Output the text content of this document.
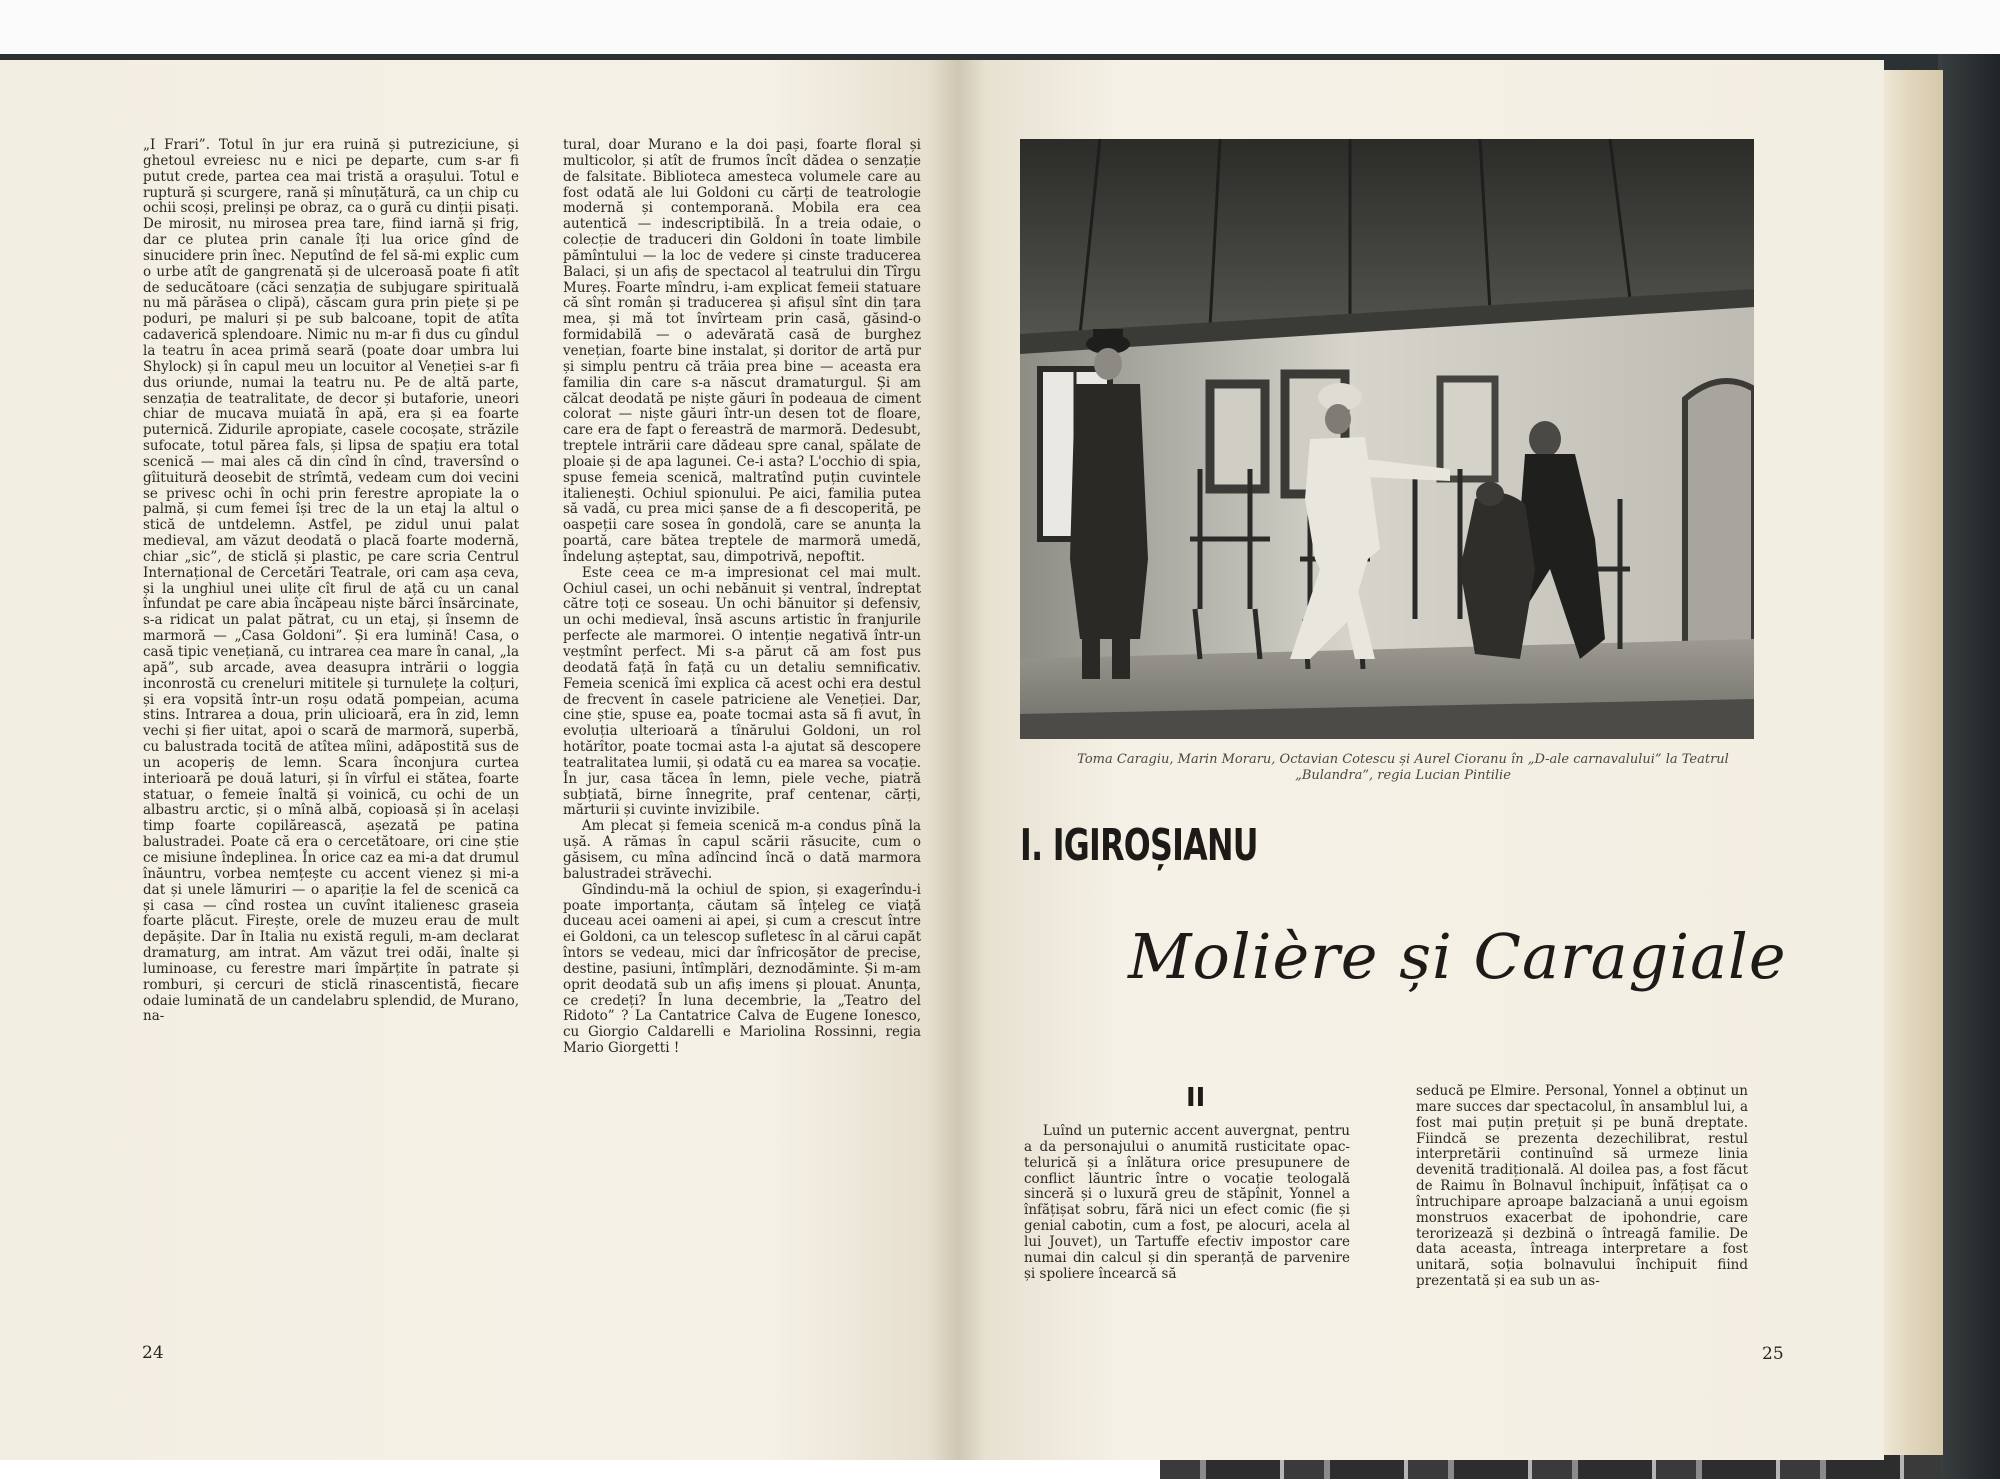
„I Frari”. Totul în jur era ruină și putreziciune, și ghetoul evreiesc nu e nici pe departe, cum s-ar fi putut crede, partea cea mai tristă a orașului. Totul e ruptură și scurgere, rană și mînuțătură, ca un chip cu ochii scoși, prelinși pe obraz, ca o gură cu dinții pisați. De mirosit, nu mirosea prea tare, fiind iarnă și frig, dar ce plutea prin canale îți lua orice gînd de sinucidere prin înec. Neputînd de fel să-mi explic cum o urbe atît de gangrenată și de ulceroasă poate fi atît de seducătoare (căci senzația de subjugare spirituală nu mă părăsea o clipă), căscam gura prin piețe și pe poduri, pe maluri și pe sub balcoane, topit de atîta cadaverică splendoare. Nimic nu m-ar fi dus cu gîndul la teatru în acea primă seară (poate doar umbra lui Shylock) și în capul meu un locuitor al Veneției s-ar fi dus oriunde, numai la teatru nu. Pe de altă parte, senzația de teatralitate, de decor și butaforie, uneori chiar de mucava muiată în apă, era și ea foarte puternică. Zidurile apropiate, casele cocoșate, străzile sufocate, totul părea fals, și lipsa de spațiu era total scenică — mai ales că din cînd în cînd, traversînd o gîituitură deosebit de strîmtă, vedeam cum doi vecini se privesc ochi în ochi prin ferestre apropiate la o palmă, și cum femei își trec de la un etaj la altul o stică de untdelemn. Astfel, pe zidul unui palat medieval, am văzut deodată o placă foarte modernă, chiar „sic”, de sticlă și plastic, pe care scria Centrul Internațional de Cercetări Teatrale, ori cam așa ceva, și la unghiul unei ulițe cît firul de ață cu un canal înfundat pe care abia încăpeau niște bărci însărcinate, s-a ridicat un palat pătrat, cu un etaj, și însemn de marmoră — „Casa Goldoni”. Și era lumină! Casa, o casă tipic venețiană, cu intrarea cea mare în canal, „la apă”, sub arcade, avea deasupra intrării o loggia inconrostă cu creneluri mititele și turnulețe la colțuri, și era vopsită într-un roșu odată pompeian, acuma stins. Intrarea a doua, prin ulicioară, era în zid, lemn vechi și fier uitat, apoi o scară de marmoră, superbă, cu balustrada tocită de atîtea mîini, adăpostită sus de un acoperiș de lemn. Scara înconjura curtea interioară pe două laturi, și în vîrful ei stătea, foarte statuar, o femeie înaltă și voinică, cu ochi de un albastru arctic, și o mînă albă, copioasă și în același timp foarte copilărească, așezată pe patina balustradei. Poate că era o cercetătoare, ori cine știe ce misiune îndeplinea. În orice caz ea mi-a dat drumul înăuntru, vorbea nemțește cu accent vienez și mi-a dat și unele lămuriri — o apariție la fel de scenică ca și casa — cînd rostea un cuvînt italienesc graseia foarte plăcut. Firește, orele de muzeu erau de mult depășite. Dar în Italia nu există reguli, m-am declarat dramaturg, am intrat. Am văzut trei odăi, înalte și luminoase, cu ferestre mari împărțite în patrate și romburi, și cercuri de sticlă rinascentistă, fiecare odaie luminată de un candelabru splendid, de Murano, na-

tural, doar Murano e la doi pași, foarte floral și multicolor, și atît de frumos încît dădea o senzație de falsitate. Biblioteca amesteca volumele care au fost odată ale lui Goldoni cu cărți de teatrologie modernă și contemporană. Mobila era cea autentică — indescriptibilă. În a treia odaie, o colecție de traduceri din Goldoni în toate limbile pămîntului — la loc de vedere și cinste traducerea Balaci, și un afiș de spectacol al teatrului din Tîrgu Mureș. Foarte mîndru, i-am explicat femeii statuare că sînt român și traducerea și afișul sînt din țara mea, și mă tot învîrteam prin casă, găsind-o formidabilă — o adevărată casă de burghez venețian, foarte bine instalat, și doritor de artă pur și simplu pentru că trăia prea bine — aceasta era familia din care s-a născut dramaturgul. Și am călcat deodată pe niște găuri în podeaua de ciment colorat — niște găuri într-un desen tot de floare, care era de fapt o fereastră de marmoră. Dedesubt, treptele intrării care dădeau spre canal, spălate de ploaie și de apa lagunei. Ce-i asta? L'occhio di spia, spuse femeia scenică, maltratînd puțin cuvintele italienești. Ochiul spionului. Pe aici, familia putea să vadă, cu prea mici șanse de a fi descoperită, pe oaspeții care sosea în gondolă, care se anunța la poartă, care bătea treptele de marmoră umedă, îndelung așteptat, sau, dimpotrivă, nepoftit.

Este ceea ce m-a impresionat cel mai mult. Ochiul casei, un ochi nebănuit și ventral, îndreptat către toți ce soseau. Un ochi bănuitor și defensiv, un ochi medieval, însă ascuns artistic în franjurile perfecte ale marmorei. O intenție negativă într-un veștmînt perfect. Mi s-a părut că am fost pus deodată față în față cu un detaliu semnificativ. Femeia scenică îmi explica că acest ochi era destul de frecvent în casele patriciene ale Veneției. Dar, cine știe, spuse ea, poate tocmai asta să fi avut, în evoluția ulterioară a tînărului Goldoni, un rol hotărîtor, poate tocmai asta l-a ajutat să descopere teatralitatea lumii, și odată cu ea marea sa vocație. În jur, casa tăcea în lemn, piele veche, piatră subțiată, birne înnegrite, praf centenar, cărți, mărturii și cuvinte invizibile.

Am plecat și femeia scenică m-a condus pînă la ușă. A rămas în capul scării răsucite, cum o găsisem, cu mîna adîncind încă o dată marmora balustradei străvechi.

Gîndindu-mă la ochiul de spion, și exagerîndu-i poate importanța, căutam să înțeleg ce viață duceau acei oameni ai apei, și cum a crescut între ei Goldoni, ca un telescop sufletesc în al cărui capăt întors se vedeau, mici dar înfricoșător de precise, destine, pasiuni, întîmplări, deznodăminte. Și m-am oprit deodată sub un afiș imens și plouat. Anunța, ce credeți? În luna decembrie, la „Teatro del Ridoto” ? La Cantatrice Calva de Eugene Ionesco, cu Giorgio Caldarelli e Mariolina Rossinni, regia Mario Giorgetti !

24
Toma Caragiu, Marin Moraru, Octavian Cotescu și Aurel Cioranu în „D-ale carnavalului” la Teatrul „Bulandra”, regia Lucian Pintilie
I. IGIROȘIANU
Molière și Caragiale
II

Luînd un puternic accent auvergnat, pentru a da personajului o anumită rusticitate opac-telurică și a înlătura orice presupunere de conflict lăuntric între o vocație teologală sinceră și o luxură greu de stăpînit, Yonnel a înfățișat sobru, fără nici un efect comic (fie și genial cabotin, cum a fost, pe alocuri, acela al lui Jouvet), un Tartuffe efectiv impostor care numai din calcul și din speranță de parvenire și spoliere încearcă să

seducă pe Elmire. Personal, Yonnel a obținut un mare succes dar spectacolul, în ansamblul lui, a fost mai puțin prețuit și pe bună dreptate. Fiindcă se prezenta dezechilibrat, restul interpretării continuînd să urmeze linia devenită tradițională. Al doilea pas, a fost făcut de Raimu în Bolnavul închipuit, înfățișat ca o întruchipare aproape balzaciană a unui egoism monstruos exacerbat de ipohondrie, care terorizează și dezbină o întreagă familie. De data aceasta, întreaga interpretare a fost unitară, soția bolnavului închipuit fiind prezentată și ea sub un as-

25
